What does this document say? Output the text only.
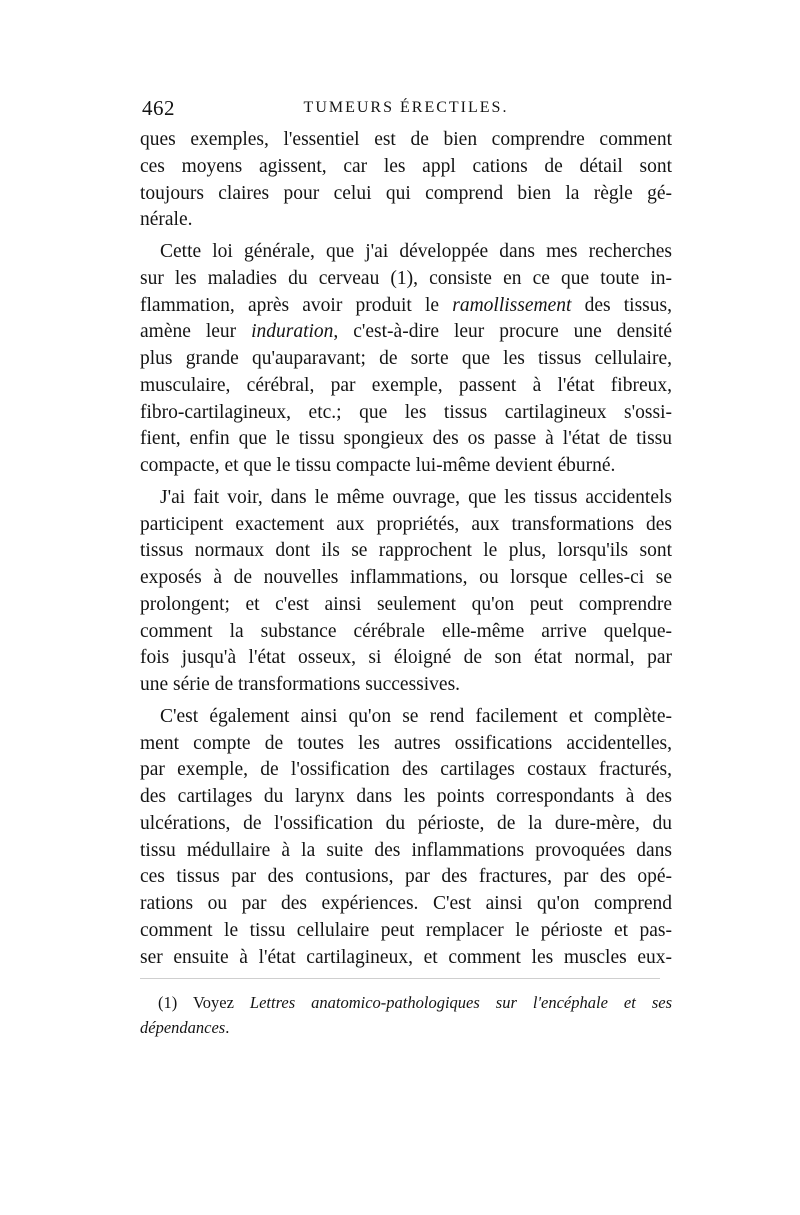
462	TUMEURS ÉRECTILES.
ques exemples, l'essentiel est de bien comprendre comment
ces moyens agissent, car les appl cations de détail sont
toujours claires pour celui qui comprend bien la règle gé-
nérale.
Cette loi générale, que j'ai développée dans mes recherches
sur les maladies du cerveau (1), consiste en ce que toute in-
flammation, après avoir produit le ramollissement des tissus,
amène leur induration, c'est-à-dire leur procure une densité
plus grande qu'auparavant; de sorte que les tissus cellulaire,
musculaire, cérébral, par exemple, passent à l'état fibreux,
fibro-cartilagineux, etc.; que les tissus cartilagineux s'ossi-
fient, enfin que le tissu spongieux des os passe à l'état de tissu
compacte, et que le tissu compacte lui-même devient éburné.
J'ai fait voir, dans le même ouvrage, que les tissus accidentels
participent exactement aux propriétés, aux transformations des
tissus normaux dont ils se rapprochent le plus, lorsqu'ils sont
exposés à de nouvelles inflammations, ou lorsque celles-ci se
prolongent; et c'est ainsi seulement qu'on peut comprendre
comment la substance cérébrale elle-même arrive quelque-
fois jusqu'à l'état osseux, si éloigné de son état normal, par
une série de transformations successives.
C'est également ainsi qu'on se rend facilement et complète-
ment compte de toutes les autres ossifications accidentelles,
par exemple, de l'ossification des cartilages costaux fracturés,
des cartilages du larynx dans les points correspondants à des
ulcérations, de l'ossification du périoste, de la dure-mère, du
tissu médullaire à la suite des inflammations provoquées dans
ces tissus par des contusions, par des fractures, par des opé-
rations ou par des expériences. C'est ainsi qu'on comprend
comment le tissu cellulaire peut remplacer le périoste et pas-
ser ensuite à l'état cartilagineux, et comment les muscles eux-
(1) Voyez Lettres anatomico-pathologiques sur l'encéphale et ses
dépendances.
